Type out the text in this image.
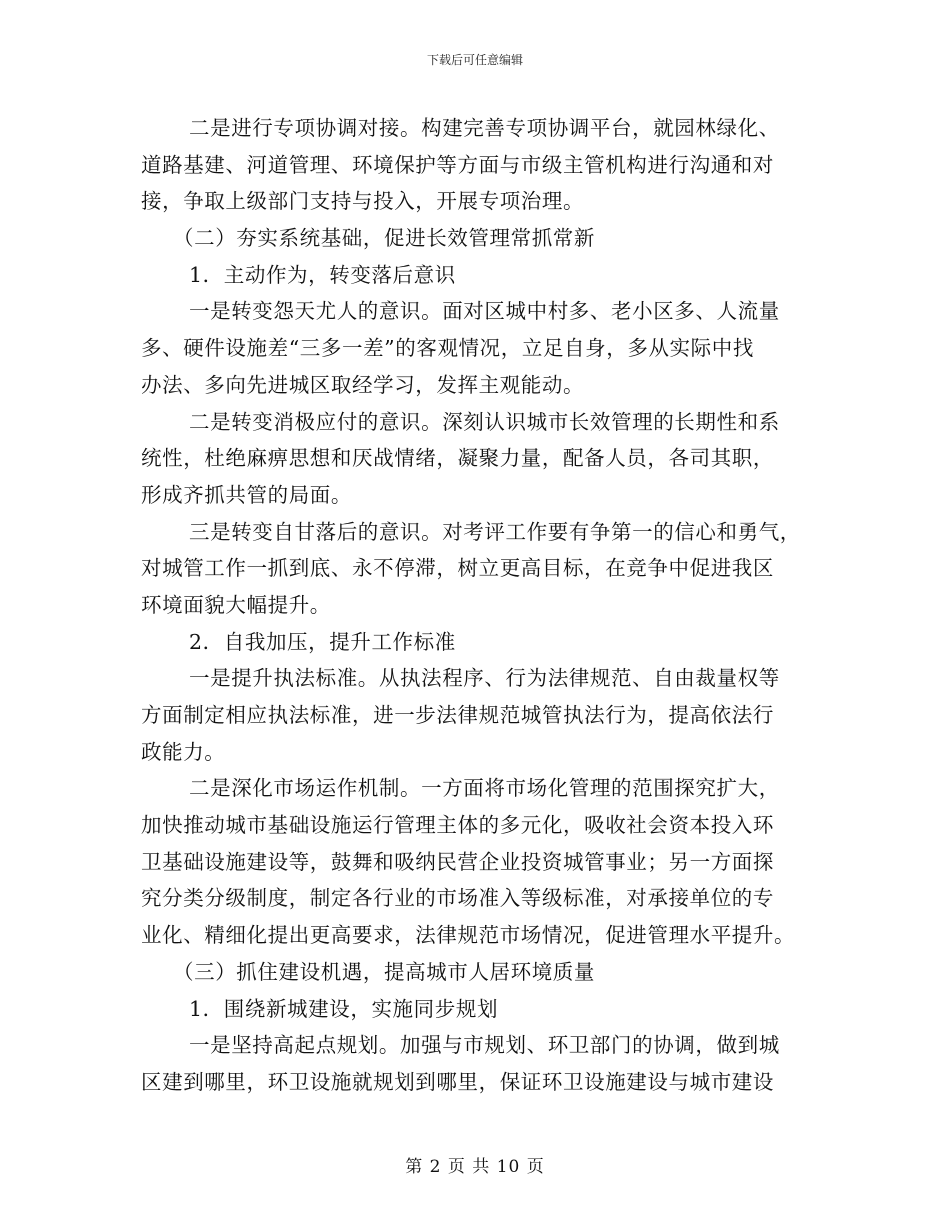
下载后可任意编辑
二是进行专项协调对接。构建完善专项协调平台，就园林绿化、
道路基建、河道管理、环境保护等方面与市级主管机构进行沟通和对
接，争取上级部门支持与投入，开展专项治理。
（二）夯实系统基础，促进长效管理常抓常新
1．主动作为，转变落后意识
一是转变怨天尤人的意识。面对区城中村多、老小区多、人流量
多、硬件设施差“三多一差”的客观情况，立足自身，多从实际中找
办法、多向先进城区取经学习，发挥主观能动。
二是转变消极应付的意识。深刻认识城市长效管理的长期性和系
统性，杜绝麻痹思想和厌战情绪，凝聚力量，配备人员，各司其职，
形成齐抓共管的局面。
三是转变自甘落后的意识。对考评工作要有争第一的信心和勇气，
对城管工作一抓到底、永不停滞，树立更高目标，在竞争中促进我区
环境面貌大幅提升。
2．自我加压，提升工作标准
一是提升执法标准。从执法程序、行为法律规范、自由裁量权等
方面制定相应执法标准，进一步法律规范城管执法行为，提高依法行
政能力。
二是深化市场运作机制。一方面将市场化管理的范围探究扩大，
加快推动城市基础设施运行管理主体的多元化，吸收社会资本投入环
卫基础设施建设等，鼓舞和吸纳民营企业投资城管事业；另一方面探
究分类分级制度，制定各行业的市场准入等级标准，对承接单位的专
业化、精细化提出更高要求，法律规范市场情况，促进管理水平提升。
（三）抓住建设机遇，提高城市人居环境质量
1．围绕新城建设，实施同步规划
一是坚持高起点规划。加强与市规划、环卫部门的协调，做到城
区建到哪里，环卫设施就规划到哪里，保证环卫设施建设与城市建设
第 2 页 共 10 页
